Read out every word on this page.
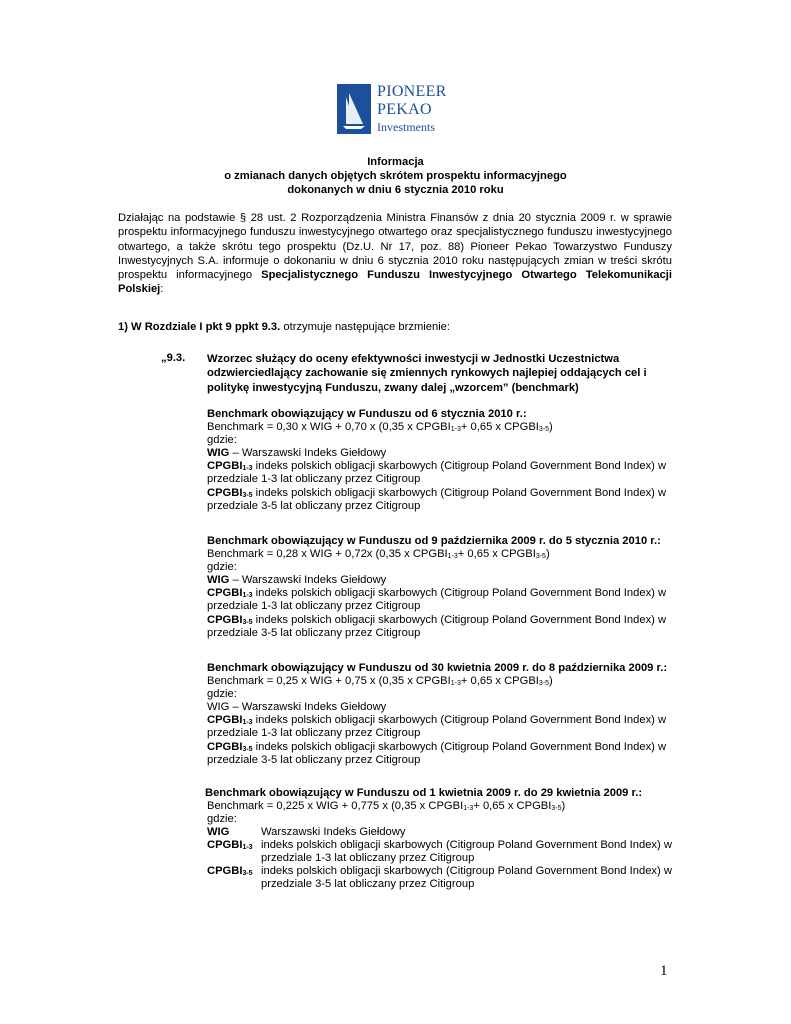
PIONEER
PEKAO
Investments
Informacja
o zmianach danych objętych skrótem prospektu informacyjnego
dokonanych w dniu 6 stycznia 2010 roku
Działając na podstawie § 28 ust. 2 Rozporządzenia Ministra Finansów z dnia 20 stycznia 2009 r. w sprawie prospektu informacyjnego funduszu inwestycyjnego otwartego oraz specjalistycznego funduszu inwestycyjnego otwartego, a także skrótu tego prospektu (Dz.U. Nr 17, poz. 88) Pioneer Pekao Towarzystwo Funduszy Inwestycyjnych S.A. informuje o dokonaniu w dniu 6 stycznia 2010 roku następujących zmian w treści skrótu prospektu informacyjnego Specjalistycznego Funduszu Inwestycyjnego Otwartego Telekomunikacji Polskiej:
1) W Rozdziale I pkt 9 ppkt 9.3. otrzymuje następujące brzmienie:
„9.3. Wzorzec służący do oceny efektywności inwestycji w Jednostki Uczestnictwa odzwierciedlający zachowanie się zmiennych rynkowych najlepiej oddających cel i politykę inwestycyjną Funduszu, zwany dalej „wzorcem” (benchmark)
Benchmark obowiązujący w Funduszu od 6 stycznia 2010 r.:
Benchmark = 0,30 x WIG + 0,70 x (0,35 x $CPGBI_{1-3}+ 0,65$ x $CPGBI_{3-5}$)
gdzie:
WIG – Warszawski Indeks Giełdowy
$CPGBI_{1-3}$ indeks polskich obligacji skarbowych (Citigroup Poland Government Bond Index) w przedziale 1-3 lat obliczany przez Citigroup
$CPGBI_{3-5}$ indeks polskich obligacji skarbowych (Citigroup Poland Government Bond Index) w przedziale 3-5 lat obliczany przez Citigroup
Benchmark obowiązujący w Funduszu od 9 października 2009 r. do 5 stycznia 2010 r.:
Benchmark = 0,28 x WIG + 0,72x (0,35 x $CPGBI_{1-3}+ 0,65$ x $CPGBI_{3-5}$)
gdzie:
WIG – Warszawski Indeks Giełdowy
$CPGBI_{1-3}$ indeks polskich obligacji skarbowych (Citigroup Poland Government Bond Index) w przedziale 1-3 lat obliczany przez Citigroup
$CPGBI_{3-5}$ indeks polskich obligacji skarbowych (Citigroup Poland Government Bond Index) w przedziale 3-5 lat obliczany przez Citigroup
Benchmark obowiązujący w Funduszu od 30 kwietnia 2009 r. do 8 października 2009 r.:
Benchmark = 0,25 x WIG + 0,75 x (0,35 x $CPGBI_{1-3}+ 0,65$ x $CPGBI_{3-5}$)
gdzie:
WIG – Warszawski Indeks Giełdowy
$CPGBI_{1-3}$ indeks polskich obligacji skarbowych (Citigroup Poland Government Bond Index) w przedziale 1-3 lat obliczany przez Citigroup
$CPGBI_{3-5}$ indeks polskich obligacji skarbowych (Citigroup Poland Government Bond Index) w przedziale 3-5 lat obliczany przez Citigroup
Benchmark obowiązujący w Funduszu od 1 kwietnia 2009 r. do 29 kwietnia 2009 r.:
Benchmark = 0,225 x WIG + 0,775 x (0,35 x $CPGBI_{1-3}+ 0,65$ x $CPGBI_{3-5}$)
gdzie:
WIG	Warszawski Indeks Giełdowy
$CPGBI_{1-3}$ indeks polskich obligacji skarbowych (Citigroup Poland Government Bond Index) w przedziale 1-3 lat obliczany przez Citigroup
$CPGBI_{3-5}$ indeks polskich obligacji skarbowych (Citigroup Poland Government Bond Index) w przedziale 3-5 lat obliczany przez Citigroup
1
